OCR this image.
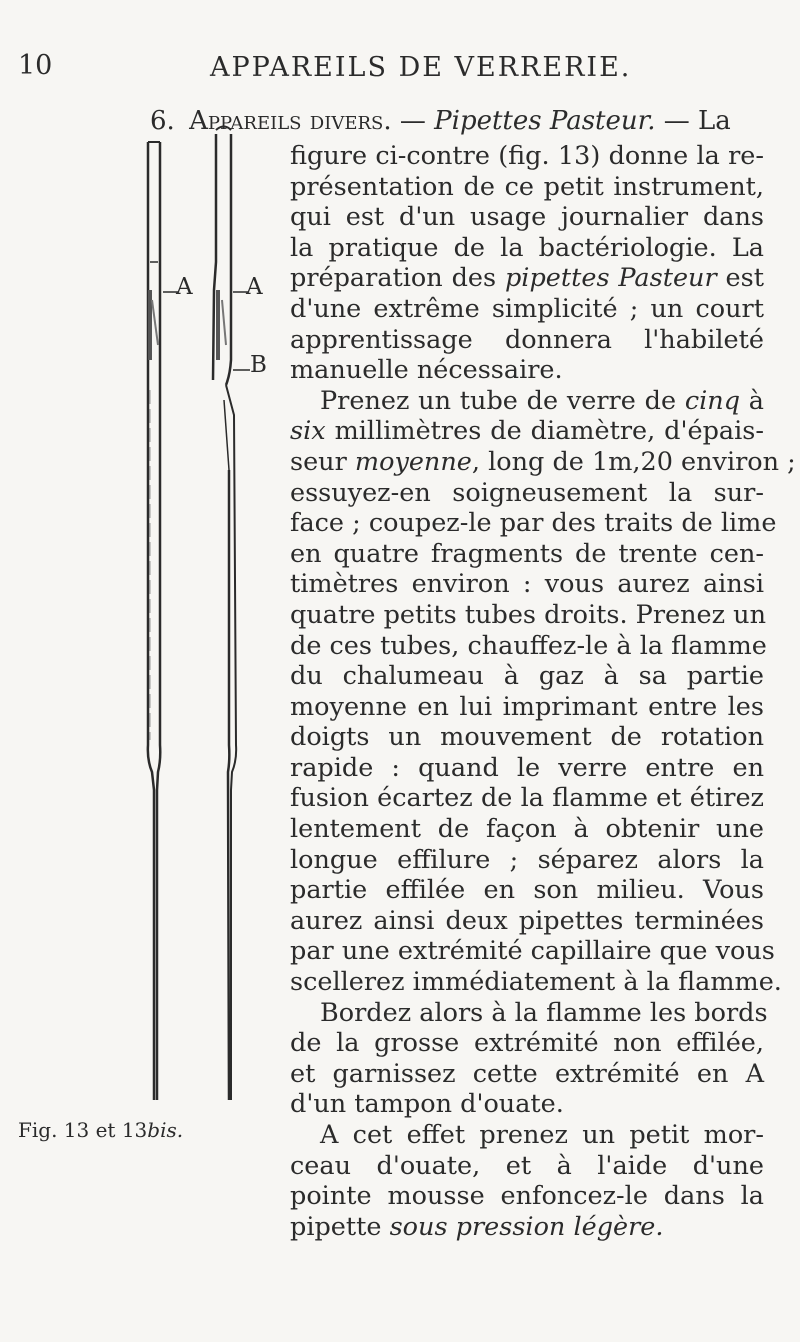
10	APPAREILS DE VERRERIE.
6. Appareils divers. — Pipettes Pasteur. — La
figure ci-contre (fig. 13) donne la re-
présentation de ce petit instrument,
qui est d'un usage journalier dans
la pratique de la bactériologie. La
préparation des pipettes Pasteur est
d'une extrême simplicité ; un court
apprentissage donnera l'habileté
manuelle nécessaire.
Prenez un tube de verre de cinq à
six millimètres de diamètre, d'épais-
seur moyenne, long de 1m,20 environ ;
essuyez-en soigneusement la sur-
face ; coupez-le par des traits de lime
en quatre fragments de trente cen-
timètres environ : vous aurez ainsi
quatre petits tubes droits. Prenez un
de ces tubes, chauffez-le à la flamme
du chalumeau à gaz à sa partie
moyenne en lui imprimant entre les
doigts un mouvement de rotation
rapide : quand le verre entre en
fusion écartez de la flamme et étirez
lentement de façon à obtenir une
longue effilure ; séparez alors la
partie effilée en son milieu. Vous
aurez ainsi deux pipettes terminées
par une extrémité capillaire que vous
scellerez immédiatement à la flamme.
Bordez alors à la flamme les bords
de la grosse extrémité non effilée,
et garnissez cette extrémité en A
d'un tampon d'ouate.
A cet effet prenez un petit mor-
ceau d'ouate, et à l'aide d'une
pointe mousse enfoncez-le dans la
pipette sous pression légère.
A A
B
Fig. 13 et 13bis.
